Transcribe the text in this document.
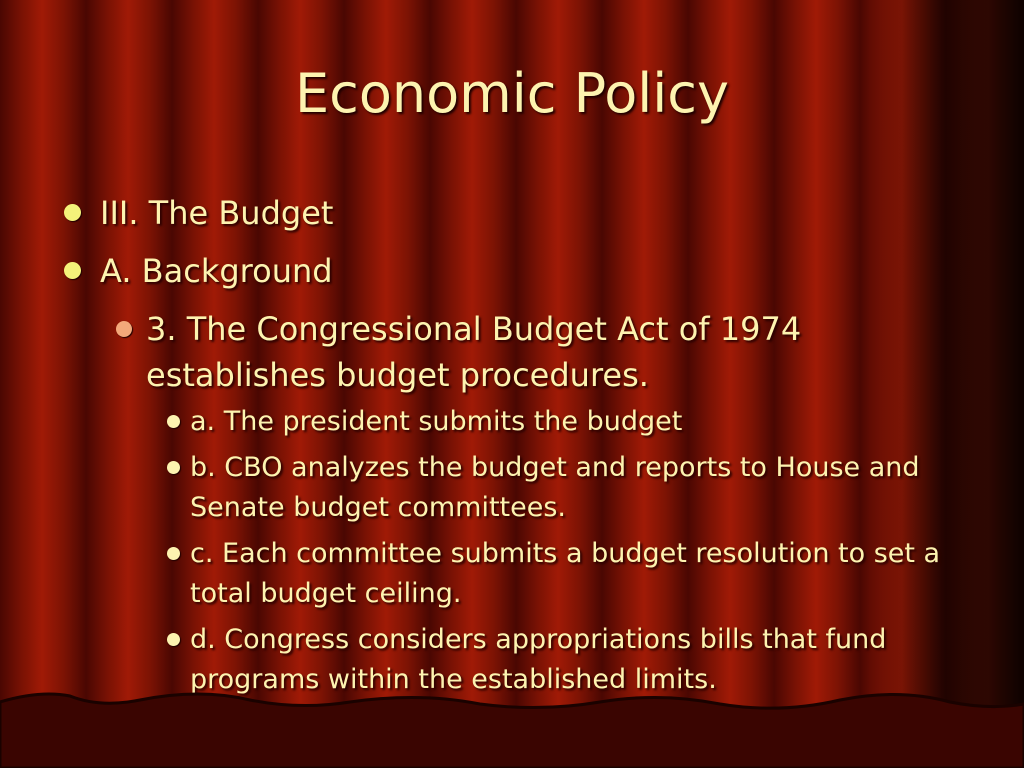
Economic Policy
III. The Budget
A. Background
3. The Congressional Budget Act of 1974 establishes budget procedures.
a. The president submits the budget
b. CBO analyzes the budget and reports to House and Senate budget committees.
c. Each committee submits a budget resolution to set a total budget ceiling.
d. Congress considers appropriations bills that fund programs within the established limits.
